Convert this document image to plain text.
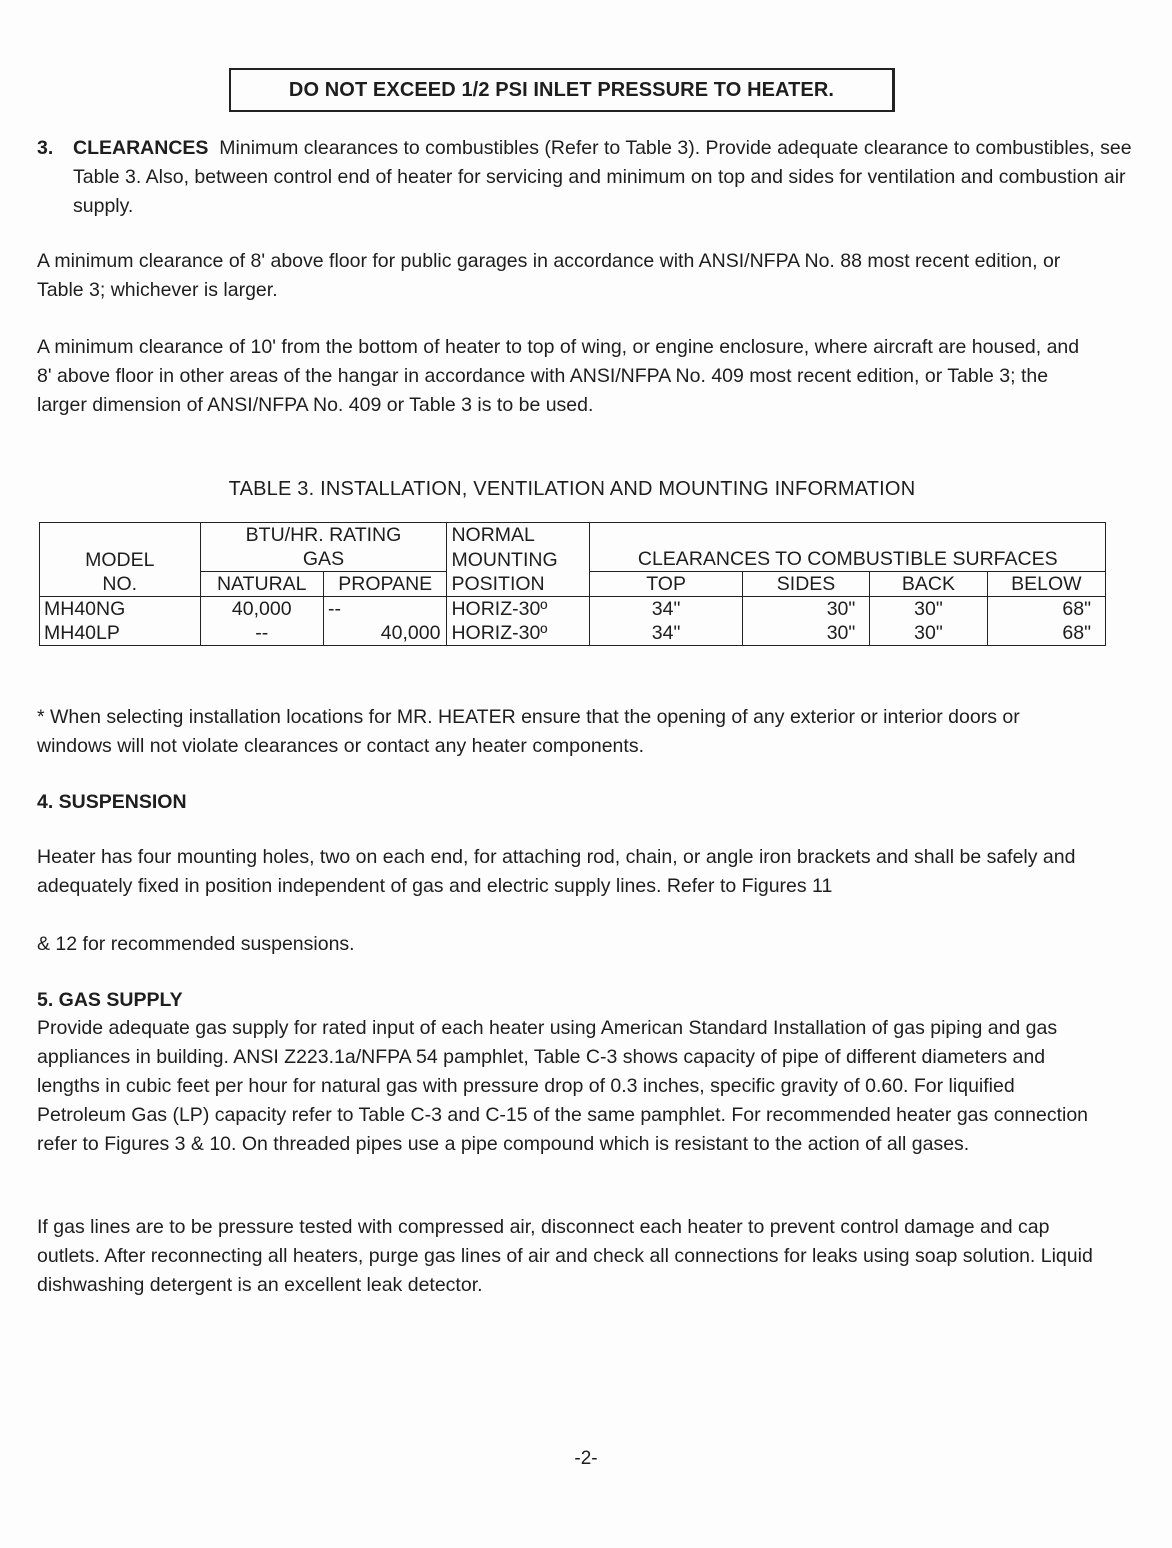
DO NOT EXCEED 1/2 PSI INLET PRESSURE TO HEATER.
3. CLEARANCES Minimum clearances to combustibles (Refer to Table 3). Provide adequate clearance to combustibles, see Table 3. Also, between control end of heater for servicing and minimum on top and sides for ventilation and combustion air supply.

A minimum clearance of 8' above floor for public garages in accordance with ANSI/NFPA No. 88 most recent edition, or Table 3; whichever is larger.

A minimum clearance of 10' from the bottom of heater to top of wing, or engine enclosure, where aircraft are housed, and 8' above floor in other areas of the hangar in accordance with ANSI/NFPA No. 409 most recent edition, or Table 3; the larger dimension of ANSI/NFPA No. 409 or Table 3 is to be used.

TABLE 3. INSTALLATION, VENTILATION AND MOUNTING INFORMATION
	BTU/HR. RATING		NORMAL				
MODEL	GAS		MOUNTING	CLEARANCES TO COMBUSTIBLE SURFACES			
NO.	NATURAL	PROPANE	POSITION	TOP	SIDES	BACK	BELOW
MH40NG	40,000	--	HORIZ-30º	34"	30"	30"	68"
MH40LP	--	40,000	HORIZ-30º	34"	30"	30"	68"

* When selecting installation locations for MR. HEATER ensure that the opening of any exterior or interior doors or windows will not violate clearances or contact any heater components.

4. SUSPENSION

Heater has four mounting holes, two on each end, for attaching rod, chain, or angle iron brackets and shall be safely and adequately fixed in position independent of gas and electric supply lines. Refer to Figures 11

& 12 for recommended suspensions.

5. GAS SUPPLY

Provide adequate gas supply for rated input of each heater using American Standard Installation of gas piping and gas appliances in building. ANSI Z223.1a/NFPA 54 pamphlet, Table C-3 shows capacity of pipe of different diameters and lengths in cubic feet per hour for natural gas with pressure drop of 0.3 inches, specific gravity of 0.60. For liquified Petroleum Gas (LP) capacity refer to Table C-3 and C-15 of the same pamphlet. For recommended heater gas connection refer to Figures 3 & 10. On threaded pipes use a pipe compound which is resistant to the action of all gases.

If gas lines are to be pressure tested with compressed air, disconnect each heater to prevent control damage and cap outlets. After reconnecting all heaters, purge gas lines of air and check all connections for leaks using soap solution. Liquid dishwashing detergent is an excellent leak detector.

-2-
